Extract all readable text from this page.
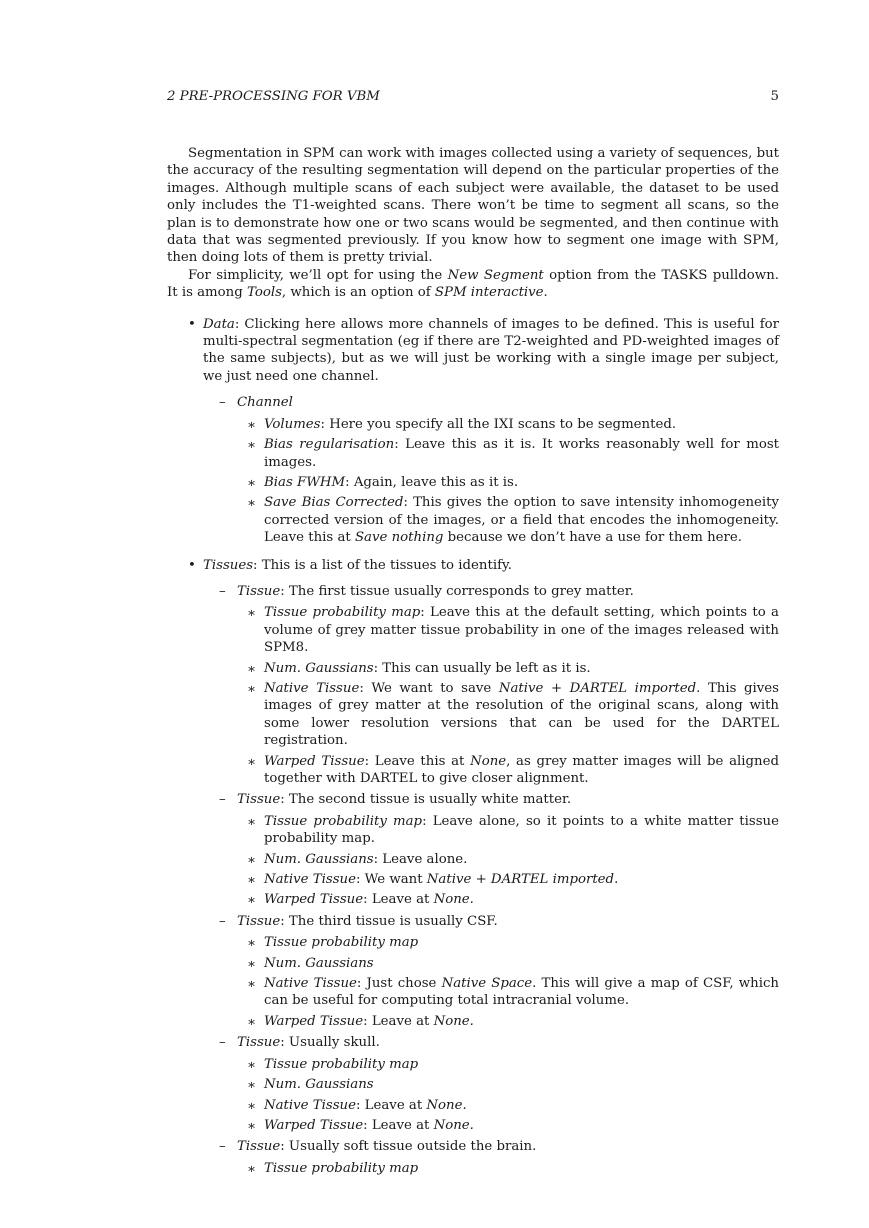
2 PRE-PROCESSING FOR VBM	5

Segmentation in SPM can work with images collected using a variety of sequences, but the accuracy of the resulting segmentation will depend on the particular properties of the images. Although multiple scans of each subject were available, the dataset to be used only includes the T1-weighted scans. There won’t be time to segment all scans, so the plan is to demonstrate how one or two scans would be segmented, and then continue with data that was segmented previously. If you know how to segment one image with SPM, then doing lots of them is pretty trivial.

For simplicity, we’ll opt for using the New Segment option from the TASKS pulldown. It is among Tools, which is an option of SPM interactive.

• Data: Clicking here allows more channels of images to be defined. This is useful for multi-spectral segmentation (eg if there are T2-weighted and PD-weighted images of the same subjects), but as we will just be working with a single image per subject, we just need one channel.
– Channel
∗ Volumes: Here you specify all the IXI scans to be segmented.
∗ Bias regularisation: Leave this as it is. It works reasonably well for most images.
∗ Bias FWHM: Again, leave this as it is.
∗ Save Bias Corrected: This gives the option to save intensity inhomogeneity corrected version of the images, or a field that encodes the inhomogeneity. Leave this at Save nothing because we don’t have a use for them here.
• Tissues: This is a list of the tissues to identify.
– Tissue: The first tissue usually corresponds to grey matter.
∗ Tissue probability map: Leave this at the default setting, which points to a volume of grey matter tissue probability in one of the images released with SPM8.
∗ Num. Gaussians: This can usually be left as it is.
∗ Native Tissue: We want to save Native + DARTEL imported. This gives images of grey matter at the resolution of the original scans, along with some lower resolution versions that can be used for the DARTEL registration.
∗ Warped Tissue: Leave this at None, as grey matter images will be aligned together with DARTEL to give closer alignment.
– Tissue: The second tissue is usually white matter.
∗ Tissue probability map: Leave alone, so it points to a white matter tissue probability map.
∗ Num. Gaussians: Leave alone.
∗ Native Tissue: We want Native + DARTEL imported.
∗ Warped Tissue: Leave at None.
– Tissue: The third tissue is usually CSF.
∗ Tissue probability map
∗ Num. Gaussians
∗ Native Tissue: Just chose Native Space. This will give a map of CSF, which can be useful for computing total intracranial volume.
∗ Warped Tissue: Leave at None.
– Tissue: Usually skull.
∗ Tissue probability map
∗ Num. Gaussians
∗ Native Tissue: Leave at None.
∗ Warped Tissue: Leave at None.
– Tissue: Usually soft tissue outside the brain.
∗ Tissue probability map
